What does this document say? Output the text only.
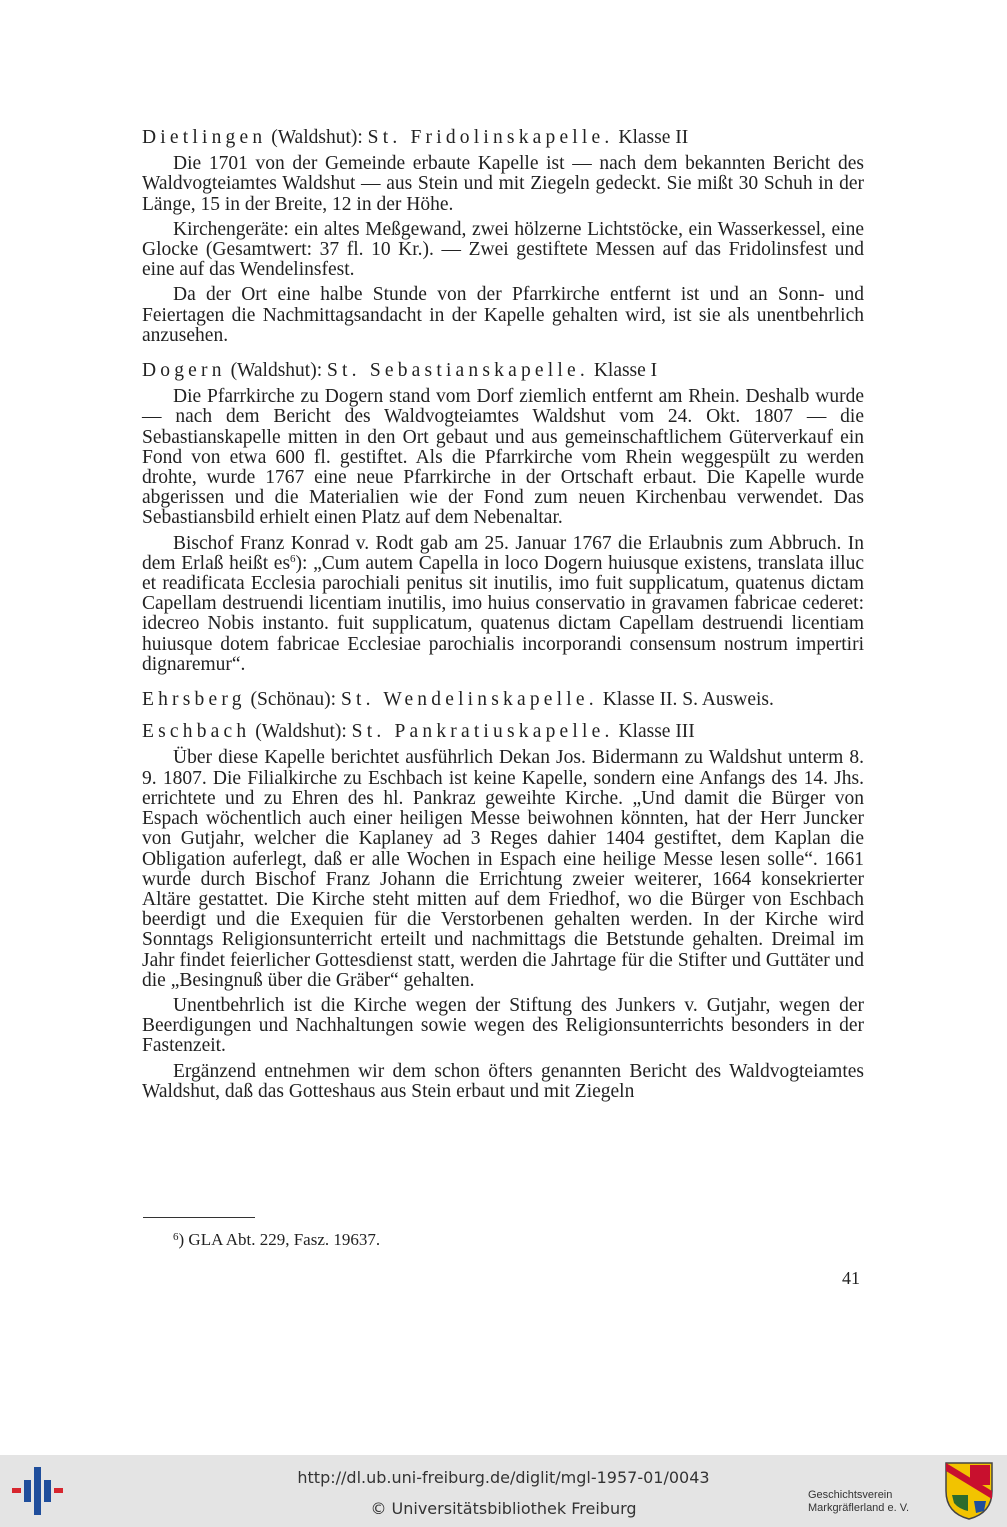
Dietlingen (Waldshut): St. Fridolinskapelle. Klasse II

Die 1701 von der Gemeinde erbaute Kapelle ist — nach dem bekannten Bericht des Waldvogteiamtes Waldshut — aus Stein und mit Ziegeln gedeckt. Sie mißt 30 Schuh in der Länge, 15 in der Breite, 12 in der Höhe.

Kirchengeräte: ein altes Meßgewand, zwei hölzerne Lichtstöcke, ein Wasserkessel, eine Glocke (Gesamtwert: 37 fl. 10 Kr.). — Zwei gestiftete Messen auf das Fridolinsfest und eine auf das Wendelinsfest.

Da der Ort eine halbe Stunde von der Pfarrkirche entfernt ist und an Sonn- und Feiertagen die Nachmittagsandacht in der Kapelle gehalten wird, ist sie als unentbehrlich anzusehen.

Dogern (Waldshut): St. Sebastianskapelle. Klasse I

Die Pfarrkirche zu Dogern stand vom Dorf ziemlich entfernt am Rhein. Deshalb wurde — nach dem Bericht des Waldvogteiamtes Waldshut vom 24. Okt. 1807 — die Sebastianskapelle mitten in den Ort gebaut und aus gemeinschaftlichem Güterverkauf ein Fond von etwa 600 fl. gestiftet. Als die Pfarrkirche vom Rhein weggespült zu werden drohte, wurde 1767 eine neue Pfarrkirche in der Ortschaft erbaut. Die Kapelle wurde abgerissen und die Materialien wie der Fond zum neuen Kirchenbau verwendet. Das Sebastiansbild erhielt einen Platz auf dem Nebenaltar.

Bischof Franz Konrad v. Rodt gab am 25. Januar 1767 die Erlaubnis zum Abbruch. In dem Erlaß heißt es$^6$): „Cum autem Capella in loco Dogern huiusque existens, translata illuc et readificata Ecclesia parochiali penitus sit inutilis, imo fuit supplicatum, quatenus dictam Capellam destruendi licentiam inutilis, imo huius conservatio in gravamen fabricae cederet: idecreo Nobis instanto. fuit supplicatum, quatenus dictam Capellam destruendi licentiam huiusque dotem fabricae Ecclesiae parochialis incorporandi consensum nostrum impertiri dignaremur“.

Ehrsberg (Schönau): St. Wendelinskapelle. Klasse II. S. Ausweis.
Eschbach (Waldshut): St. Pankratiuskapelle. Klasse III

Über diese Kapelle berichtet ausführlich Dekan Jos. Bidermann zu Waldshut unterm 8. 9. 1807. Die Filialkirche zu Eschbach ist keine Kapelle, sondern eine Anfangs des 14. Jhs. errichtete und zu Ehren des hl. Pankraz geweihte Kirche. „Und damit die Bürger von Espach wöchentlich auch einer heiligen Messe beiwohnen könnten, hat der Herr Juncker von Gutjahr, welcher die Kaplaney ad 3 Reges dahier 1404 gestiftet, dem Kaplan die Obligation auferlegt, daß er alle Wochen in Espach eine heilige Messe lesen solle“. 1661 wurde durch Bischof Franz Johann die Errichtung zweier weiterer, 1664 konsekrierter Altäre gestattet. Die Kirche steht mitten auf dem Friedhof, wo die Bürger von Eschbach beerdigt und die Exequien für die Verstorbenen gehalten werden. In der Kirche wird Sonntags Religionsunterricht erteilt und nachmittags die Betstunde gehalten. Dreimal im Jahr findet feierlicher Gottesdienst statt, werden die Jahrtage für die Stifter und Guttäter und die „Besingnuß über die Gräber“ gehalten.

Unentbehrlich ist die Kirche wegen der Stiftung des Junkers v. Gutjahr, wegen der Beerdigungen und Nachhaltungen sowie wegen des Religionsunterrichts besonders in der Fastenzeit.

Ergänzend entnehmen wir dem schon öfters genannten Bericht des Waldvogteiamtes Waldshut, daß das Gotteshaus aus Stein erbaut und mit Ziegeln

$^6$) GLA Abt. 229, Fasz. 19637.
41
http://dl.ub.uni-freiburg.de/diglit/mgl-1957-01/0043
© Universitätsbibliothek Freiburg
Geschichtsverein
Markgräflerland e. V.
